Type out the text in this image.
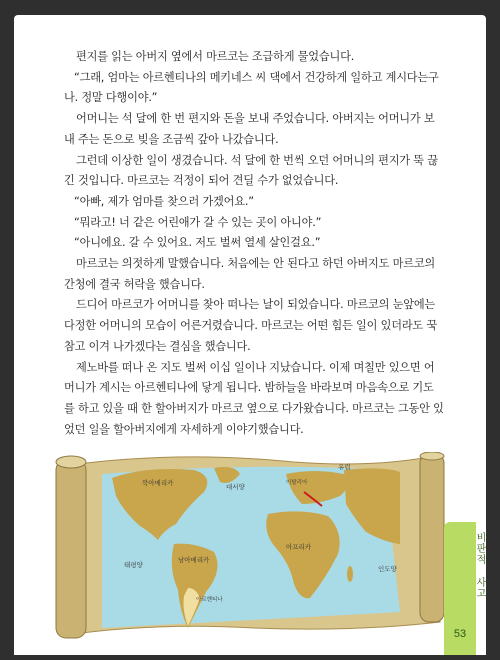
편지를 읽는 아버지 옆에서 마르코는 조급하게 물었습니다.

“그래, 엄마는 아르헨티나의 메키네스 씨 댁에서 건강하게 일하고 계시다는구나. 정말 다행이야.”

어머니는 석 달에 한 번 편지와 돈을 보내 주었습니다. 아버지는 어머니가 보내 주는 돈으로 빚을 조금씩 갚아 나갔습니다.

그런데 이상한 일이 생겼습니다. 석 달에 한 번씩 오던 어머니의 편지가 뚝 끊긴 것입니다. 마르코는 걱정이 되어 견딜 수가 없었습니다.

“아빠, 제가 엄마를 찾으러 가겠어요.”

“뭐라고! 너 같은 어린애가 갈 수 있는 곳이 아니야.”

“아니에요. 갈 수 있어요. 저도 벌써 열세 살인걸요.”

마르코는 의젓하게 말했습니다. 처음에는 안 된다고 하던 아버지도 마르코의 간청에 결국 허락을 했습니다.

드디어 마르코가 어머니를 찾아 떠나는 날이 되었습니다. 마르코의 눈앞에는 다정한 어머니의 모습이 어른거렸습니다. 마르코는 어떤 힘든 일이 있더라도 꾹 참고 이겨 나가겠다는 결심을 했습니다.

제노바를 떠나 온 지도 벌써 이십 일이나 지났습니다. 이제 며칠만 있으면 어머니가 계시는 아르헨티나에 닿게 됩니다. 밤하늘을 바라보며 마음속으로 기도를 하고 있을 때 한 할아버지가 마르코 옆으로 다가왔습니다. 마르코는 그동안 있었던 일을 할아버지에게 자세하게 이야기했습니다.

북아메리카	대서양	이탈리아
유럽
아프리카
태평양
남아메리카
아르헨티나
인도양	비판적 사고
53
